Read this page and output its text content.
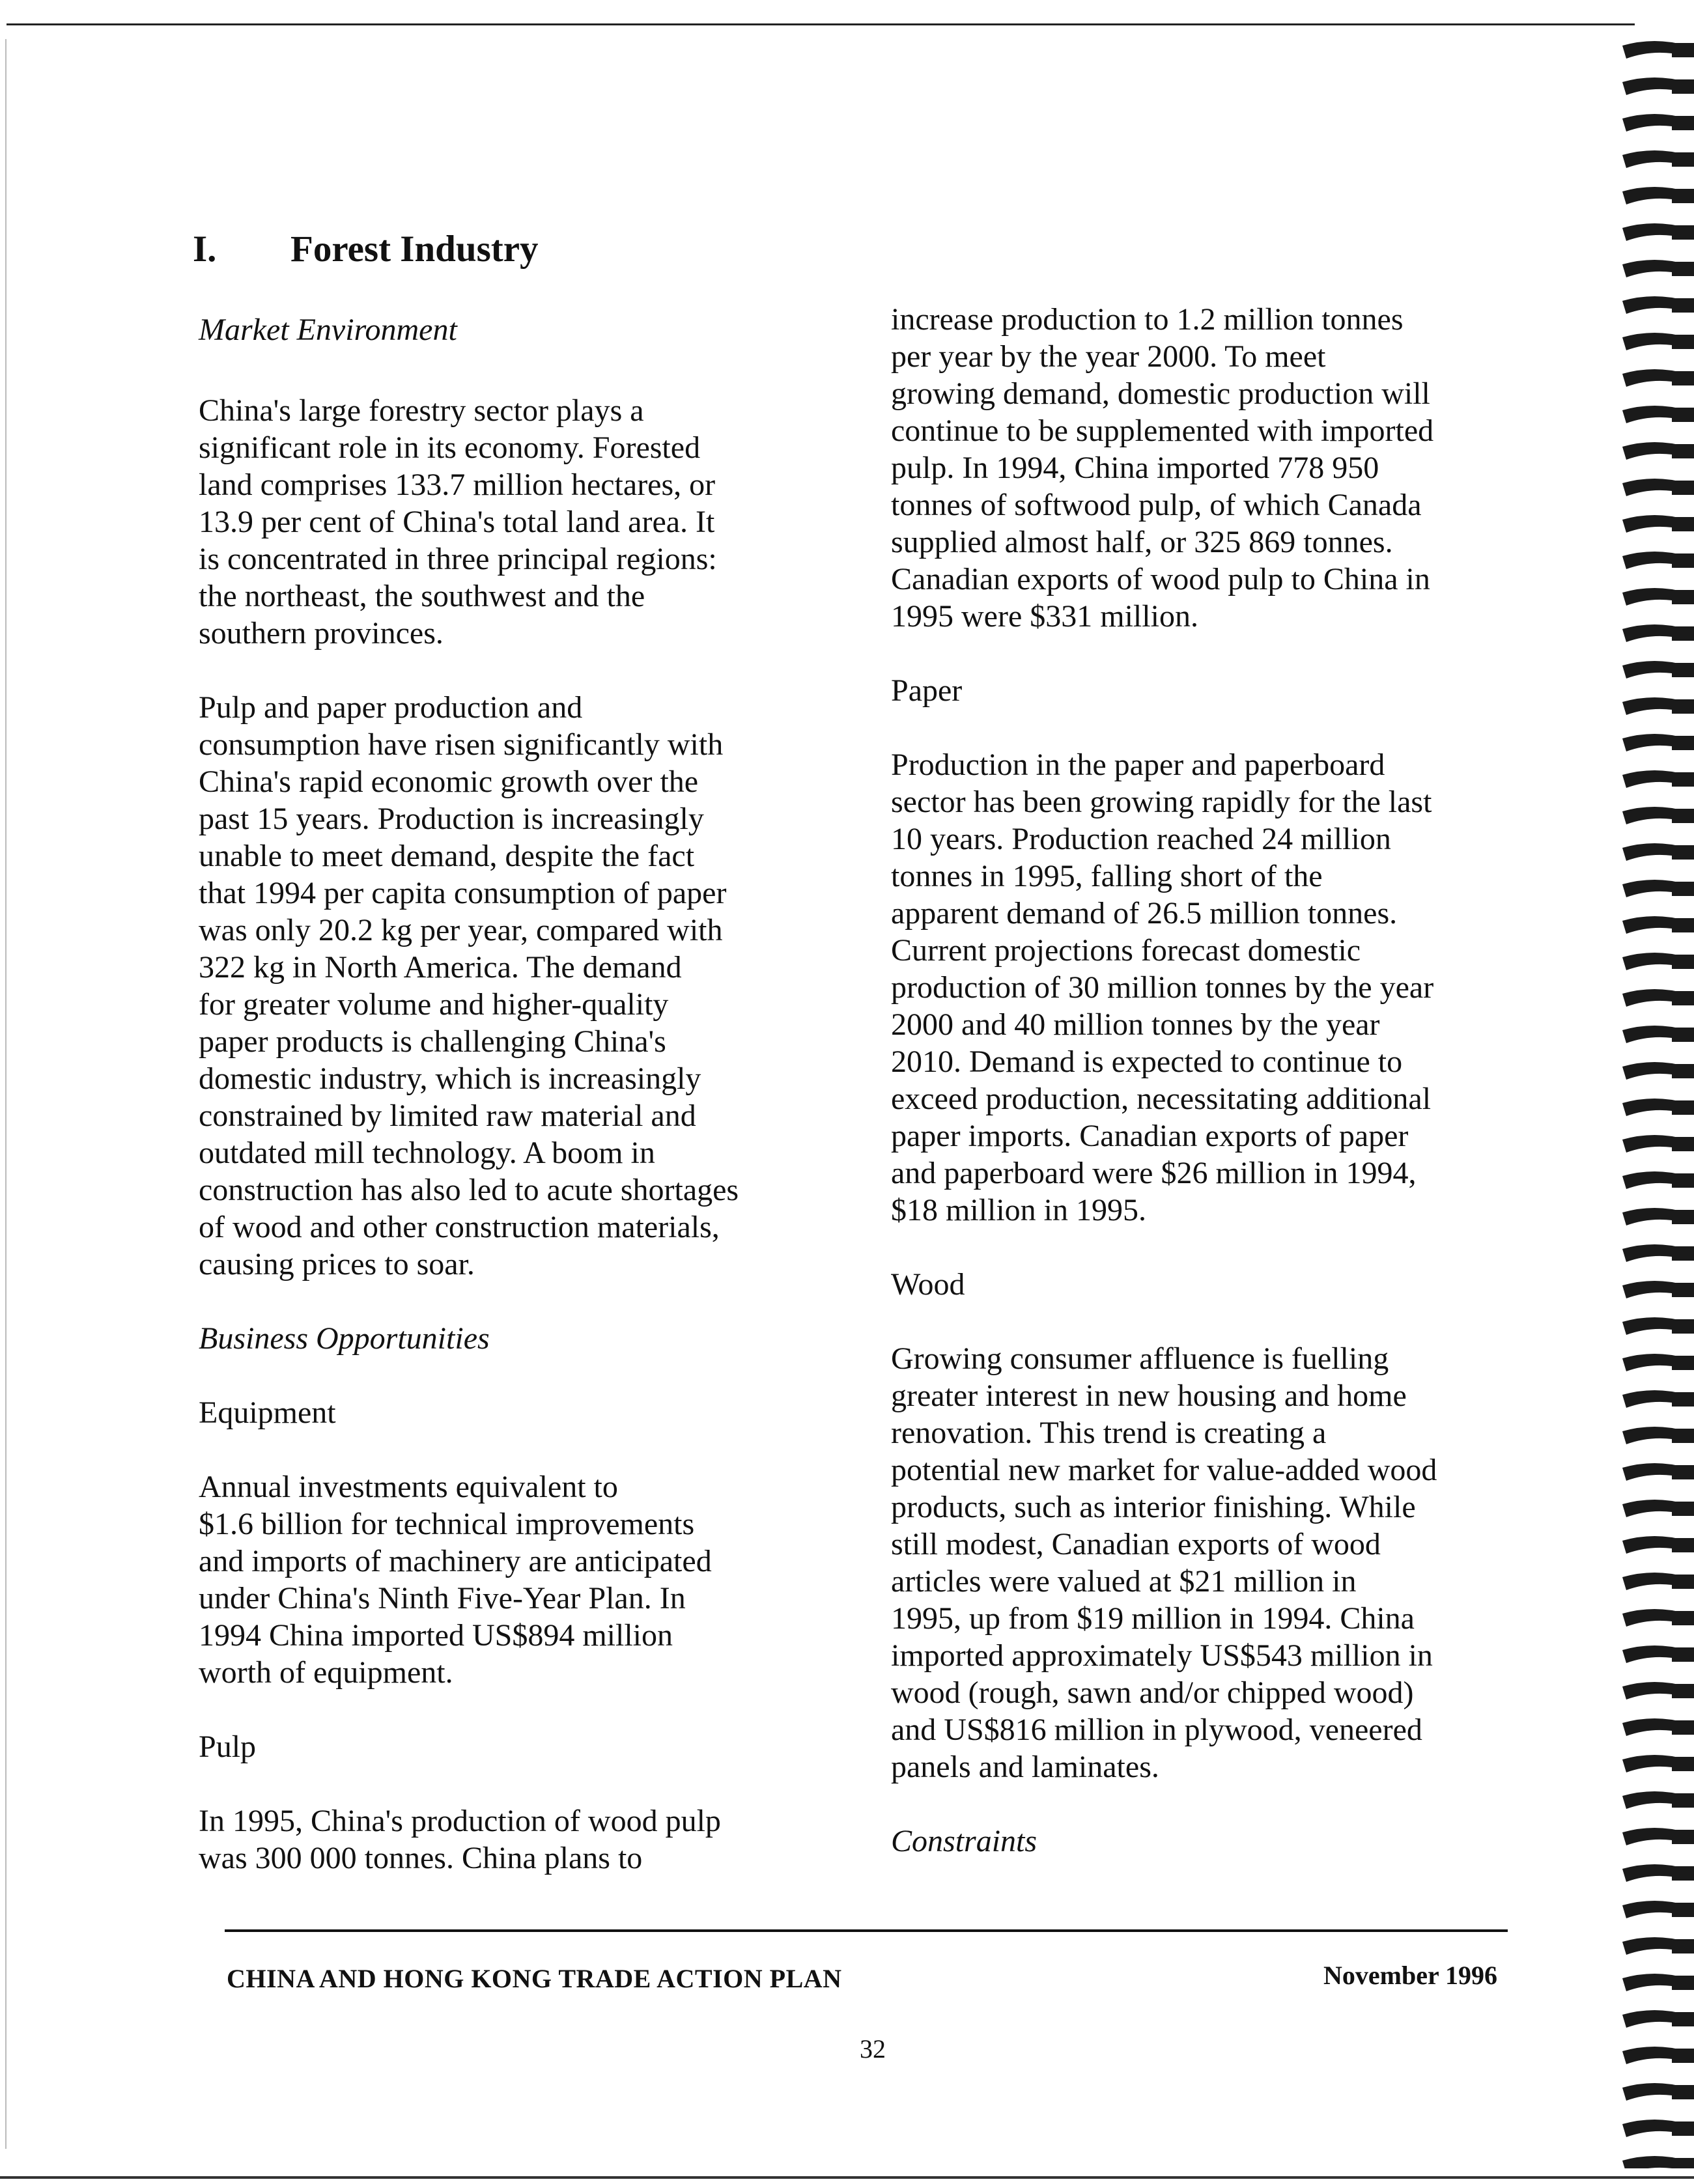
I. Forest Industry

Market Environment

China's large forestry sector plays a

significant role in its economy. Forested

land comprises 133.7 million hectares, or

13.9 per cent of China's total land area. It

is concentrated in three principal regions:

the northeast, the southwest and the

southern provinces.

Pulp and paper production and

consumption have risen significantly with

China's rapid economic growth over the

past 15 years. Production is increasingly

unable to meet demand, despite the fact

that 1994 per capita consumption of paper

was only 20.2 kg per year, compared with

322 kg in North America. The demand

for greater volume and higher-quality

paper products is challenging China's

domestic industry, which is increasingly

constrained by limited raw material and

outdated mill technology. A boom in

construction has also led to acute shortages

of wood and other construction materials,

causing prices to soar.

Business Opportunities

Equipment

Annual investments equivalent to

$1.6 billion for technical improvements

and imports of machinery are anticipated

under China's Ninth Five-Year Plan. In

1994 China imported US$894 million

worth of equipment.

Pulp

In 1995, China's production of wood pulp

was 300 000 tonnes. China plans to

increase production to 1.2 million tonnes

per year by the year 2000. To meet

growing demand, domestic production will

continue to be supplemented with imported

pulp. In 1994, China imported 778 950

tonnes of softwood pulp, of which Canada

supplied almost half, or 325 869 tonnes.

Canadian exports of wood pulp to China in

1995 were $331 million.

Paper

Production in the paper and paperboard

sector has been growing rapidly for the last

10 years. Production reached 24 million

tonnes in 1995, falling short of the

apparent demand of 26.5 million tonnes.

Current projections forecast domestic

production of 30 million tonnes by the year

2000 and 40 million tonnes by the year

2010. Demand is expected to continue to

exceed production, necessitating additional

paper imports. Canadian exports of paper

and paperboard were $26 million in 1994,

$18 million in 1995.

Wood

Growing consumer affluence is fuelling

greater interest in new housing and home

renovation. This trend is creating a

potential new market for value-added wood

products, such as interior finishing. While

still modest, Canadian exports of wood

articles were valued at $21 million in

1995, up from $19 million in 1994. China

imported approximately US$543 million in

wood (rough, sawn and/or chipped wood)

and US$816 million in plywood, veneered

panels and laminates.

Constraints

CHINA AND HONG KONG TRADE ACTION PLAN	November 1996
32
